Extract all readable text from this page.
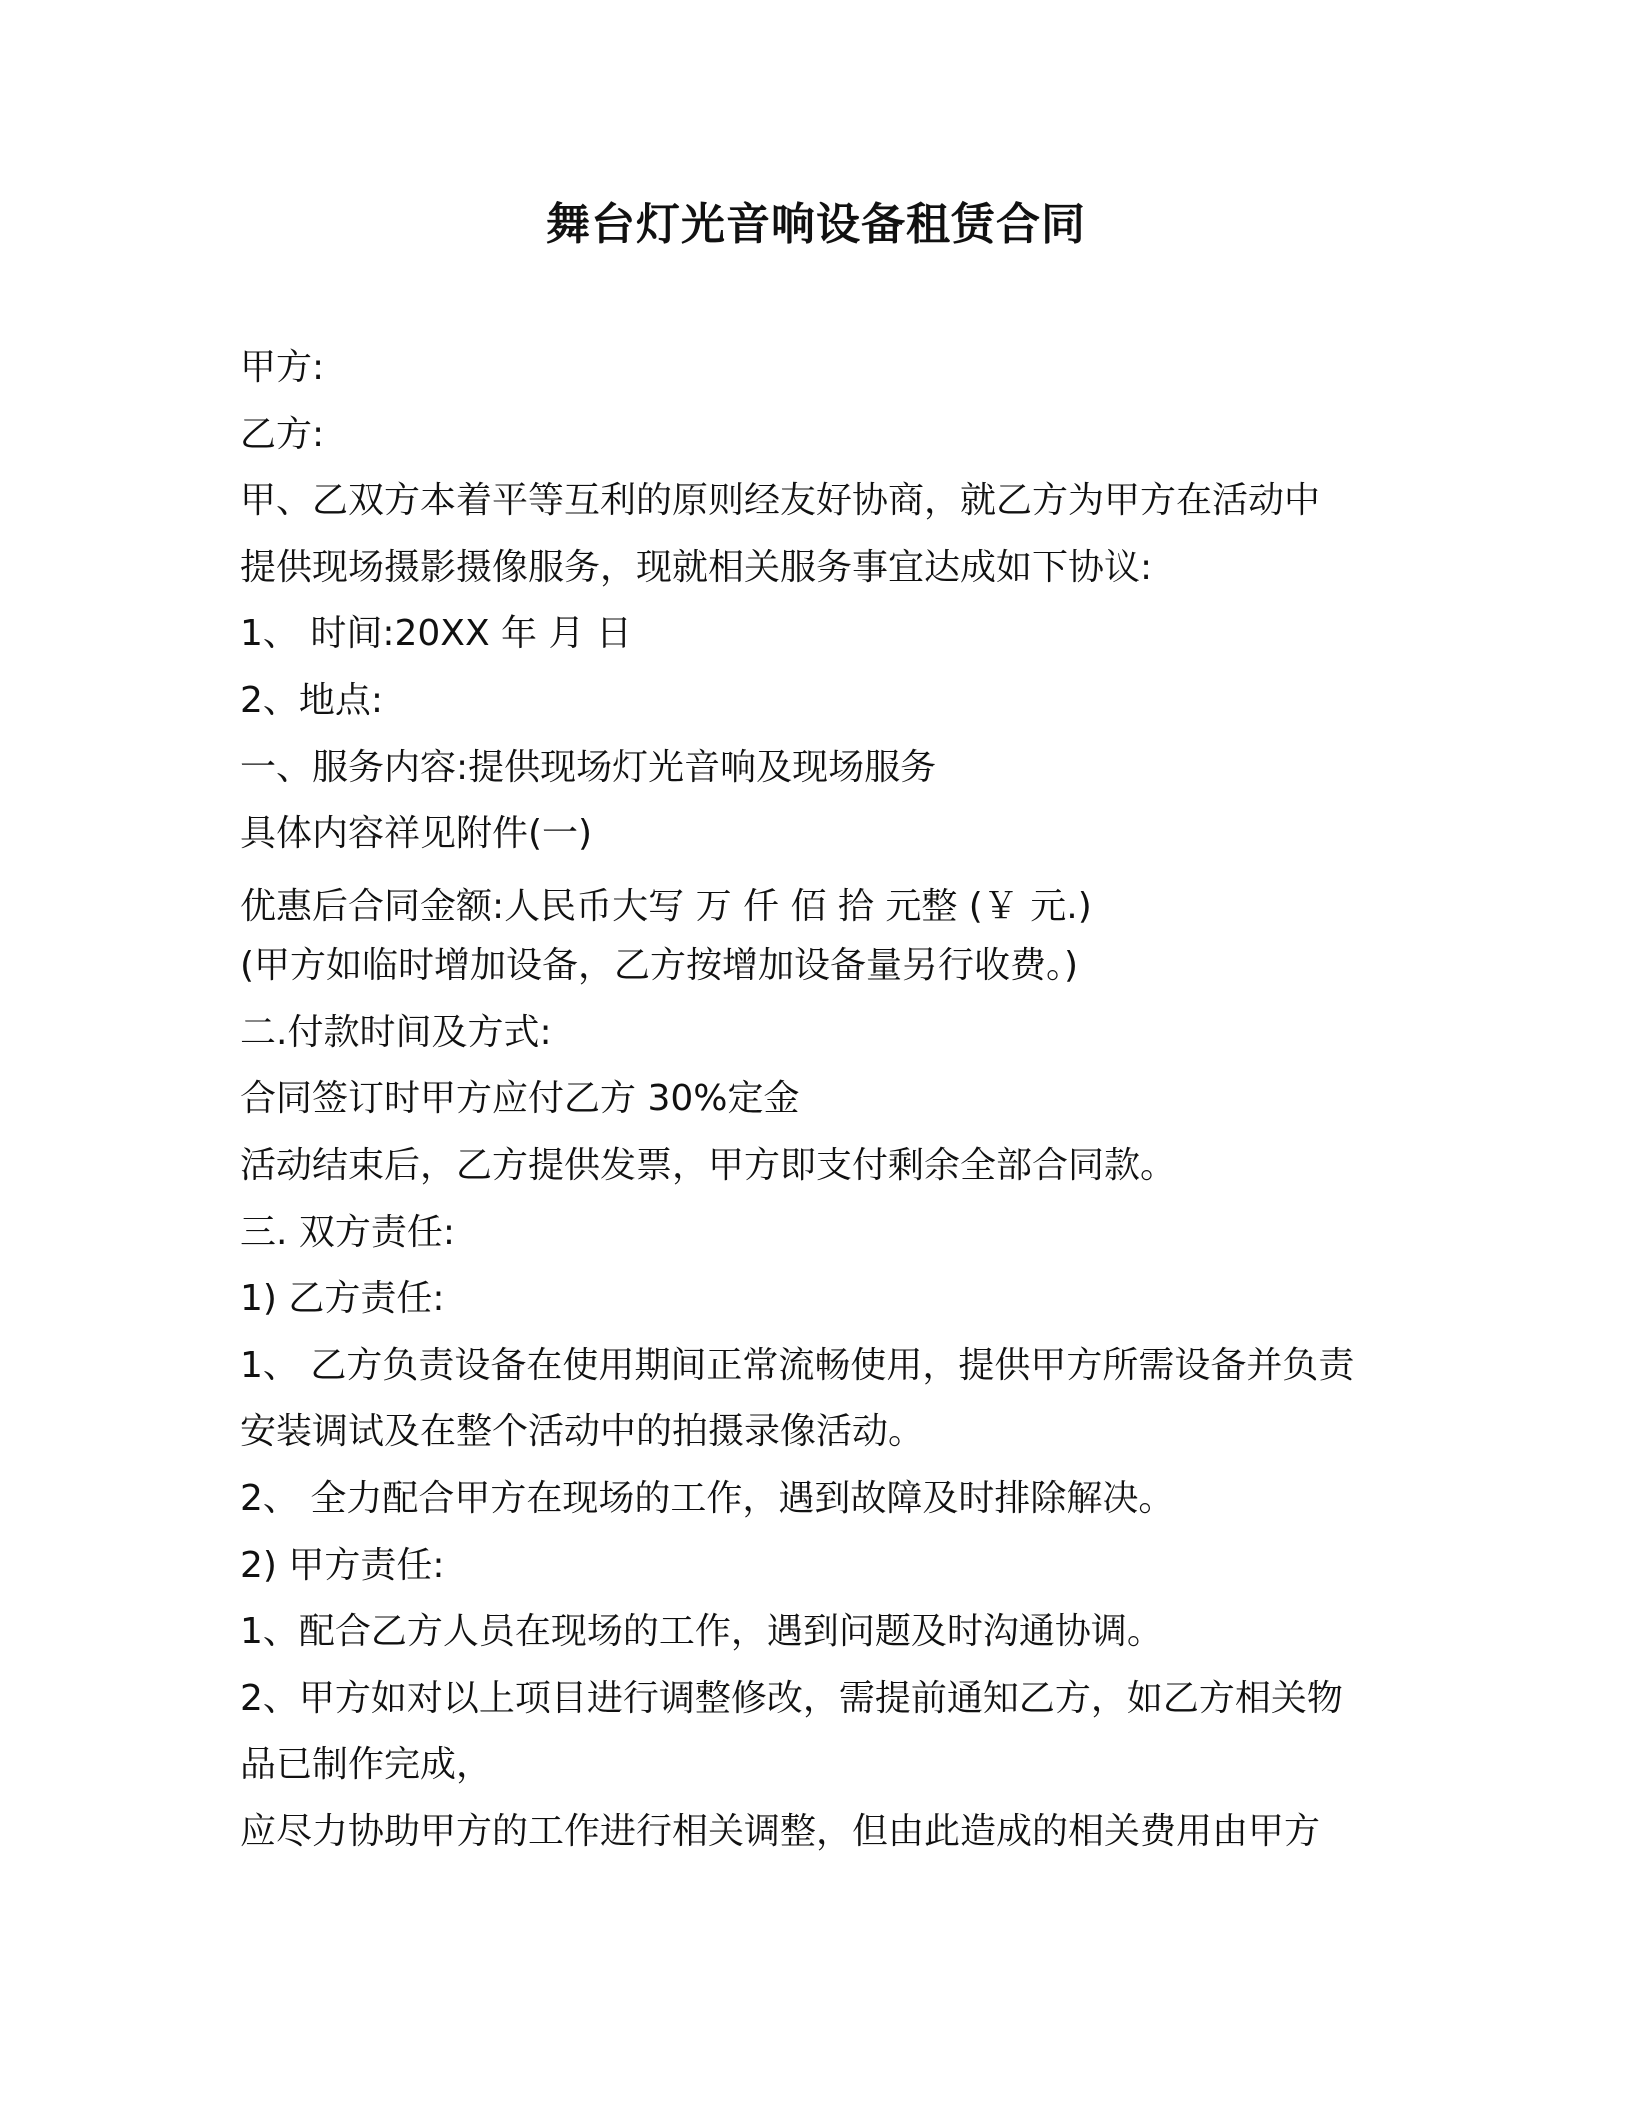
舞台灯光音响设备租赁合同
甲方:
乙方:
甲、乙双方本着平等互利的原则经友好协商，就乙方为甲方在活动中
提供现场摄影摄像服务，现就相关服务事宜达成如下协议:
1、 时间:20XX 年 月 日
2、地点:
一、服务内容:提供现场灯光音响及现场服务
具体内容祥见附件(一)
优惠后合同金额:人民币大写 万 仟 佰 拾 元整 (￥ 元.)
(甲方如临时增加设备，乙方按增加设备量另行收费。)
二.付款时间及方式:
合同签订时甲方应付乙方 30%定金
活动结束后，乙方提供发票，甲方即支付剩余全部合同款。
三. 双方责任:
1) 乙方责任:
1、 乙方负责设备在使用期间正常流畅使用，提供甲方所需设备并负责
安装调试及在整个活动中的拍摄录像活动。
2、 全力配合甲方在现场的工作，遇到故障及时排除解决。
2) 甲方责任:
1、配合乙方人员在现场的工作，遇到问题及时沟通协调。
2、甲方如对以上项目进行调整修改，需提前通知乙方，如乙方相关物
品已制作完成，
应尽力协助甲方的工作进行相关调整，但由此造成的相关费用由甲方
